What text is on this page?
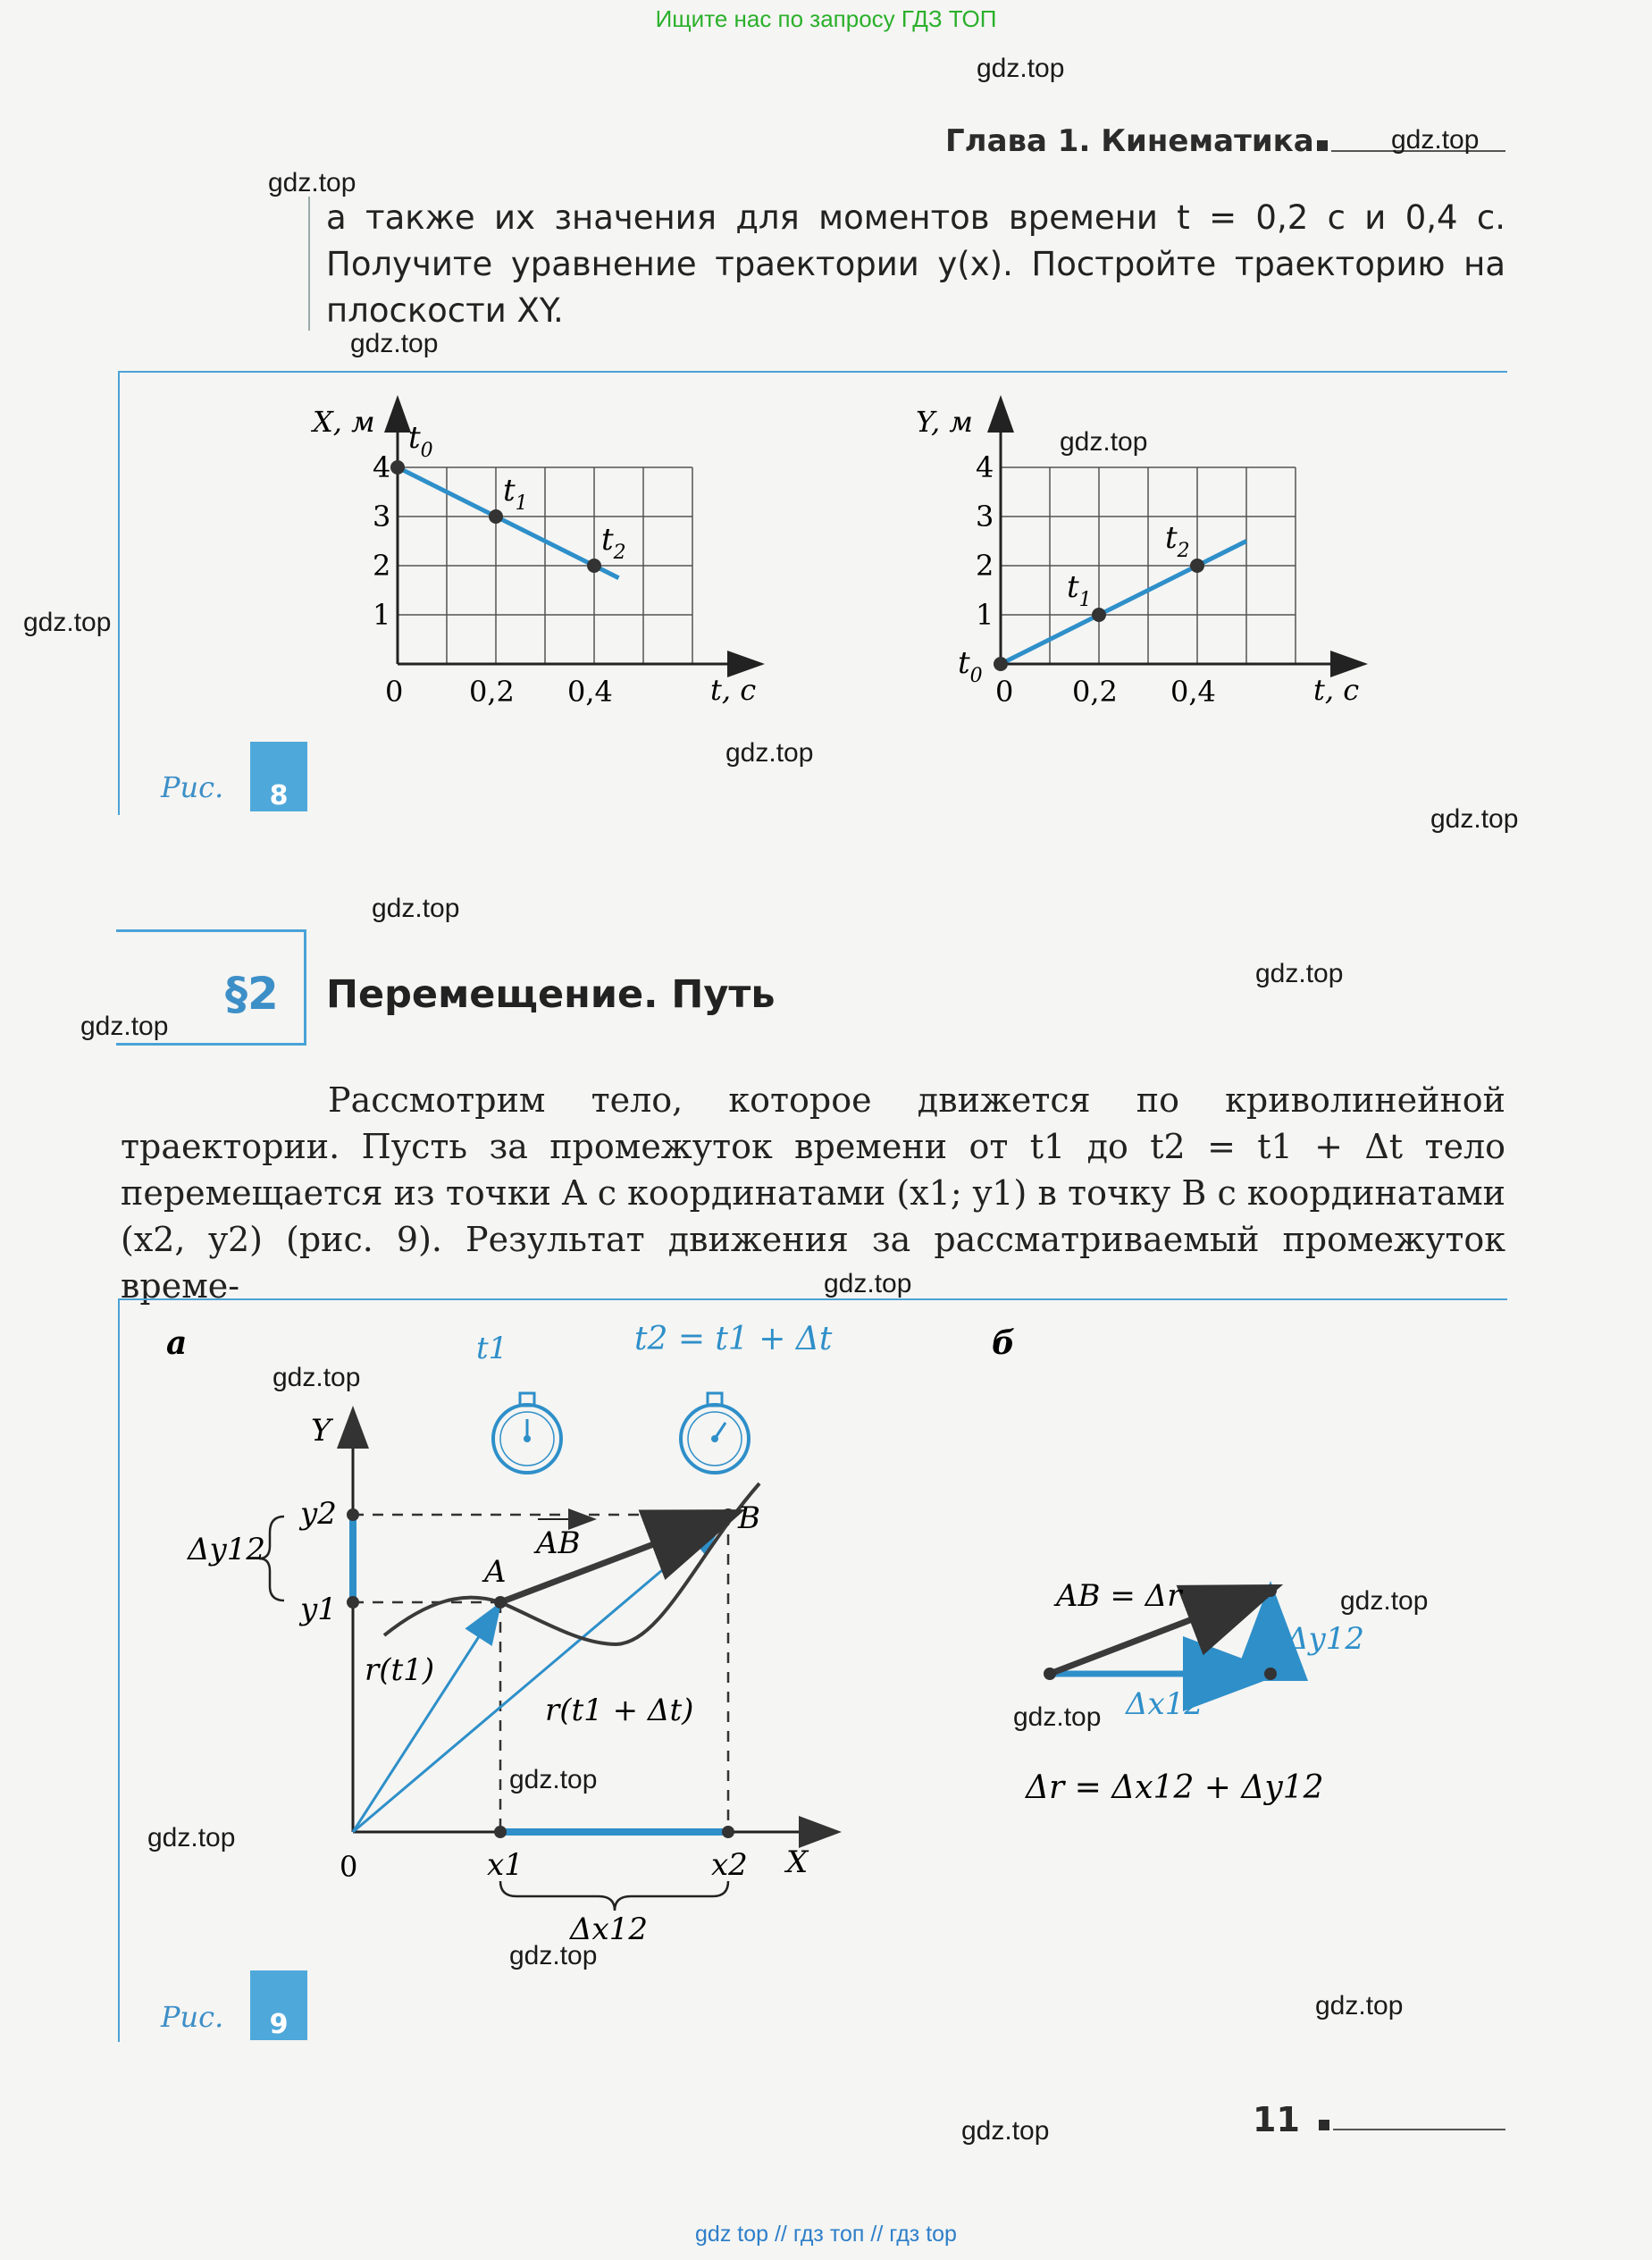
Ищите нас по запросу ГДЗ ТОП
Глава 1. Кинематика
а также их значения для моментов времени t = 0,2 с и 0,4 с. Получите уравнение траектории y(x). Постройте траекторию на плоскости XY.
Рис.	8
X, м
t, с
1
2
3
4
0 0,2 0,4
$t_0$
$t_1$
$t_2$
Y, м
t, с
1
2
3
4
0 0,2 0,4
$t_0$
$t_1$
$t_2$
§2 Перемещение. Путь
Рассмотрим тело, которое движется по криволинейной траектории. Пусть за промежуток времени от t1 до t2 = t1 + Δt тело перемещается из точки A с координатами (x1; y1) в точку B с координатами (x2, y2) (рис. 9). Результат движения за рассматриваемый промежуток време-
Рис.	9
а	б
Y
X
0
y1
y2
Δy12
x1	x2
Δx12
A
B
AB
r(t1)
r(t1 + Δt)
t1	t2 = t1 + Δt
AB = Δr
Δy12
Δx12
Δr = Δx12 + Δy12
11
gdz.top
gdz.top
gdz.top
gdz.top
gdz.top
gdz.top
gdz.top
gdz.top
gdz.top
gdz.top
gdz.top
gdz.top
gdz.top
gdz.top
gdz.top
gdz.top
gdz.top
gdz.top
gdz.top
gdz.top
gdz top // гдз топ // гдз top
